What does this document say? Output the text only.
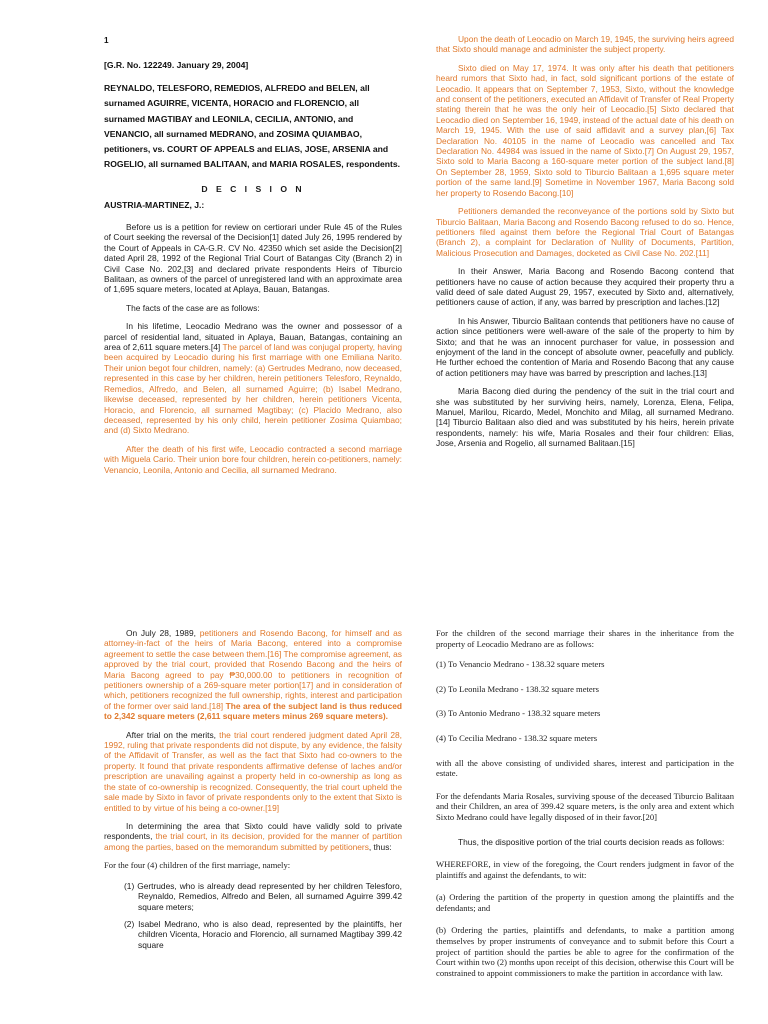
1
[G.R. No. 122249. January 29, 2004]
REYNALDO, TELESFORO, REMEDIOS, ALFREDO and BELEN, all surnamed AGUIRRE, VICENTA, HORACIO and FLORENCIO, all surnamed MAGTIBAY and LEONILA, CECILIA, ANTONIO, and VENANCIO, all surnamed MEDRANO, and ZOSIMA QUIAMBAO, petitioners, vs. COURT OF APPEALS and ELIAS, JOSE, ARSENIA and ROGELIO, all surnamed BALITAAN, and MARIA ROSALES, respondents.
D E C I S I O N
AUSTRIA-MARTINEZ, J.:

Before us is a petition for review on certiorari under Rule 45 of the Rules of Court seeking the reversal of the Decision[1] dated July 26, 1995 rendered by the Court of Appeals in CA-G.R. CV No. 42350 which set aside the Decision[2] dated April 28, 1992 of the Regional Trial Court of Batangas City (Branch 2) in Civil Case No. 202,[3] and declared private respondents Heirs of Tiburcio Balitaan, as owners of the parcel of unregistered land with an approximate area of 1,695 square meters, located at Aplaya, Bauan, Batangas.

The facts of the case are as follows:

In his lifetime, Leocadio Medrano was the owner and possessor of a parcel of residential land, situated in Aplaya, Bauan, Batangas, containing an area of 2,611 square meters.[4] The parcel of land was conjugal property, having been acquired by Leocadio during his first marriage with one Emiliana Narito. Their union begot four children, namely: (a) Gertrudes Medrano, now deceased, represented in this case by her children, herein petitioners Telesforo, Reynaldo, Remedios, Alfredo, and Belen, all surnamed Aguirre; (b) Isabel Medrano, likewise deceased, represented by her children, herein petitioners Vicenta, Horacio, and Florencio, all surnamed Magtibay; (c) Placido Medrano, also deceased, represented by his only child, herein petitioner Zosima Quiambao; and (d) Sixto Medrano.

After the death of his first wife, Leocadio contracted a second marriage with Miguela Cario. Their union bore four children, herein co-petitioners, namely: Venancio, Leonila, Antonio and Cecilia, all surnamed Medrano.

Upon the death of Leocadio on March 19, 1945, the surviving heirs agreed that Sixto should manage and administer the subject property.

Sixto died on May 17, 1974. It was only after his death that petitioners heard rumors that Sixto had, in fact, sold significant portions of the estate of Leocadio. It appears that on September 7, 1953, Sixto, without the knowledge and consent of the petitioners, executed an Affidavit of Transfer of Real Property stating therein that he was the only heir of Leocadio.[5] Sixto declared that Leocadio died on September 16, 1949, instead of the actual date of his death on March 19, 1945. With the use of said affidavit and a survey plan,[6] Tax Declaration No. 40105 in the name of Leocadio was cancelled and Tax Declaration No. 44984 was issued in the name of Sixto.[7] On August 29, 1957, Sixto sold to Maria Bacong a 160-square meter portion of the subject land.[8] On September 28, 1959, Sixto sold to Tiburcio Balitaan a 1,695 square meter portion of the same land.[9] Sometime in November 1967, Maria Bacong sold her property to Rosendo Bacong.[10]

Petitioners demanded the reconveyance of the portions sold by Sixto but Tiburcio Balitaan, Maria Bacong and Rosendo Bacong refused to do so. Hence, petitioners filed against them before the Regional Trial Court of Batangas (Branch 2), a complaint for Declaration of Nullity of Documents, Partition, Malicious Prosecution and Damages, docketed as Civil Case No. 202.[11]

In their Answer, Maria Bacong and Rosendo Bacong contend that petitioners have no cause of action because they acquired their property thru a valid deed of sale dated August 29, 1957, executed by Sixto and, alternatively, petitioners cause of action, if any, was barred by prescription and laches.[12]

In his Answer, Tiburcio Balitaan contends that petitioners have no cause of action since petitioners were well-aware of the sale of the property to him by Sixto; and that he was an innocent purchaser for value, in possession and enjoyment of the land in the concept of absolute owner, peacefully and publicly. He further echoed the contention of Maria and Rosendo Bacong that any cause of action petitioners may have was barred by prescription and laches.[13]

Maria Bacong died during the pendency of the suit in the trial court and she was substituted by her surviving heirs, namely, Lorenza, Elena, Felipa, Manuel, Marilou, Ricardo, Medel, Monchito and Milag, all surnamed Medrano.[14] Tiburcio Balitaan also died and was substituted by his heirs, herein private respondents, namely: his wife, Maria Rosales and their four children: Elias, Jose, Arsenia and Rogelio, all surnamed Balitaan.[15]

On July 28, 1989, petitioners and Rosendo Bacong, for himself and as attorney-in-fact of the heirs of Maria Bacong, entered into a compromise agreement to settle the case between them.[16] The compromise agreement, as approved by the trial court, provided that Rosendo Bacong and the heirs of Maria Bacong agreed to pay ₱30,000.00 to petitioners in recognition of petitioners ownership of a 269-square meter portion[17] and in consideration of which, petitioners recognized the full ownership, rights, interest and participation of the former over said land.[18] The area of the subject land is thus reduced to 2,342 square meters (2,611 square meters minus 269 square meters).

After trial on the merits, the trial court rendered judgment dated April 28, 1992, ruling that private respondents did not dispute, by any evidence, the falsity of the Affidavit of Transfer, as well as the fact that Sixto had co-owners to the property. It found that private respondents affirmative defense of laches and/or prescription are unavailing against a property held in co-ownership as long as the state of co-ownership is recognized. Consequently, the trial court upheld the sale made by Sixto in favor of private respondents only to the extent that Sixto is entitled to by virtue of his being a co-owner.[19]

In determining the area that Sixto could have validly sold to private respondents, the trial court, in its decision, provided for the manner of partition among the parties, based on the memorandum submitted by petitioners, thus:

For the four (4) children of the first marriage, namely:

(1) Gertrudes, who is already dead represented by her children Telesforo, Reynaldo, Remedios, Alfredo and Belen, all surnamed Aguirre 399.42 square meters;
(2) Isabel Medrano, who is also dead, represented by the plaintiffs, her children Vicenta, Horacio and Florencio, all surnamed Magtibay 399.42 square

For the children of the second marriage their shares in the inheritance from the property of Leocadio Medrano are as follows:

(1) To Venancio Medrano - 138.32 square meters

(2) To Leonila Medrano - 138.32 square meters

(3) To Antonio Medrano - 138.32 square meters

(4) To Cecilia Medrano - 138.32 square meters

with all the above consisting of undivided shares, interest and participation in the estate.

For the defendants Maria Rosales, surviving spouse of the deceased Tiburcio Balitaan and their Children, an area of 399.42 square meters, is the only area and extent which Sixto Medrano could have legally disposed of in their favor.[20]

Thus, the dispositive portion of the trial courts decision reads as follows:

WHEREFORE, in view of the foregoing, the Court renders judgment in favor of the plaintiffs and against the defendants, to wit:

(a) Ordering the partition of the property in question among the plaintiffs and the defendants; and

(b) Ordering the parties, plaintiffs and defendants, to make a partition among themselves by proper instruments of conveyance and to submit before this Court a project of partition should the parties be able to agree for the confirmation of the Court within two (2) months upon receipt of this decision, otherwise this Court will be constrained to appoint commissioners to make the partition in accordance with law.
